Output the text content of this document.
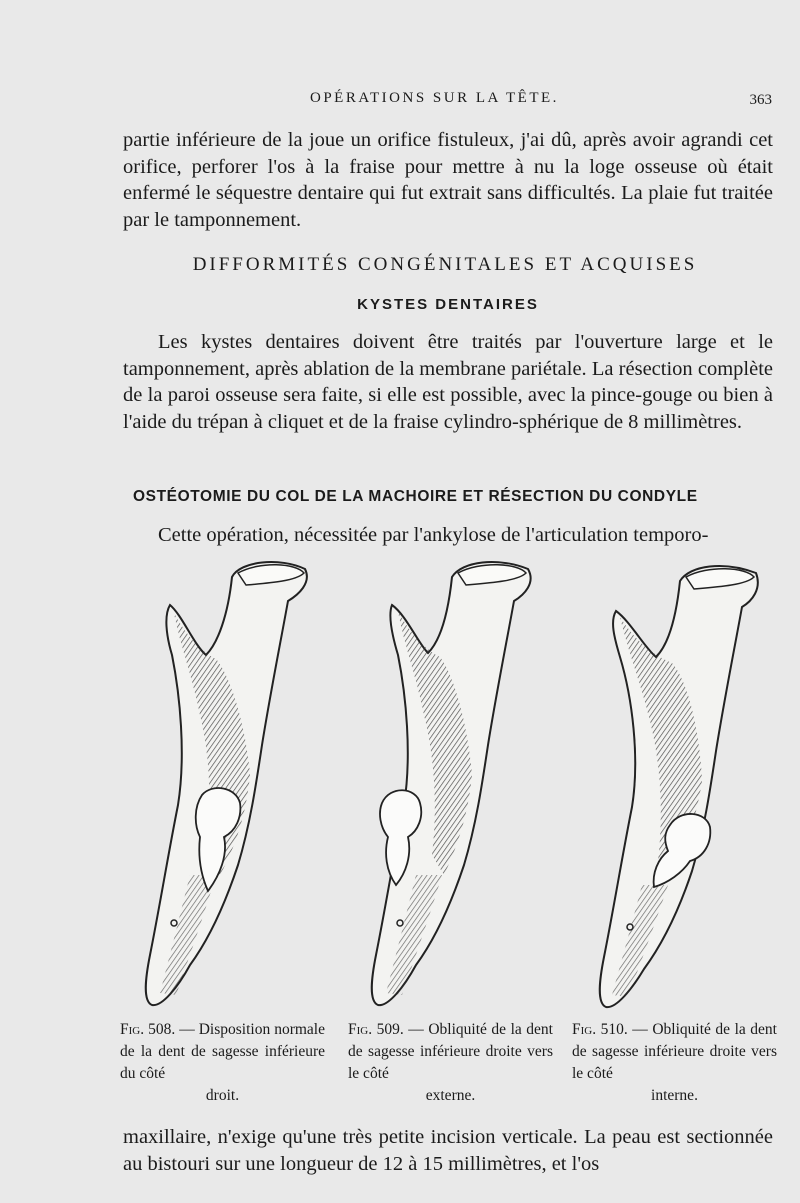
OPÉRATIONS SUR LA TÊTE.	363

partie inférieure de la joue un orifice fistuleux, j'ai dû, après avoir agrandi cet orifice, perforer l'os à la fraise pour mettre à nu la loge osseuse où était enfermé le séquestre dentaire qui fut extrait sans difficultés. La plaie fut traitée par le tamponnement.

DIFFORMITÉS CONGÉNITALES ET ACQUISES
KYSTES DENTAIRES

Les kystes dentaires doivent être traités par l'ouverture large et le tamponnement, après ablation de la membrane pariétale. La résection complète de la paroi osseuse sera faite, si elle est possible, avec la pince-gouge ou bien à l'aide du trépan à cliquet et de la fraise cylindro-sphérique de 8 millimètres.

OSTÉOTOMIE DU COL DE LA MACHOIRE ET RÉSECTION DU CONDYLE

Cette opération, nécessitée par l'ankylose de l'articulation temporo-

Fig. 508. — Disposition normale de la dent de sagesse inférieure du côté
droit.
Fig. 509. — Obliquité de la dent de sagesse inférieure droite vers le côté
externe.
Fig. 510. — Obliquité de la dent de sagesse inférieure droite vers le côté
interne.

maxillaire, n'exige qu'une très petite incision verticale. La peau est sectionnée au bistouri sur une longueur de 12 à 15 millimètres, et l'os
